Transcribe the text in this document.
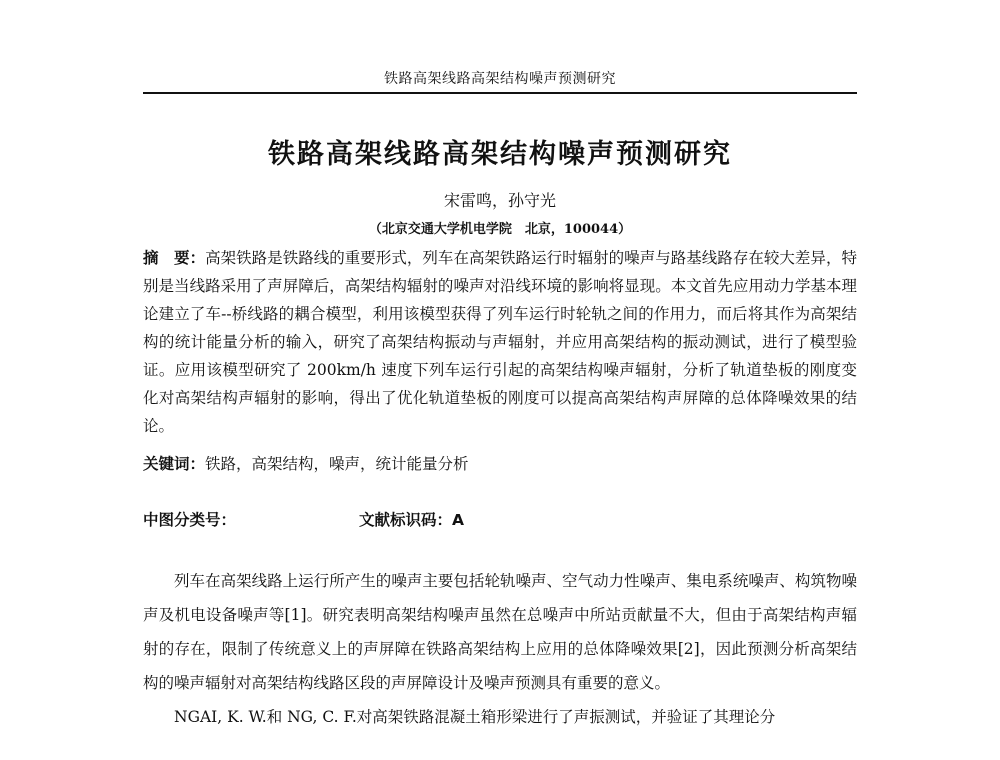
铁路高架线路高架结构噪声预测研究
铁路高架线路高架结构噪声预测研究
宋雷鸣，孙守光
（北京交通大学机电学院　北京，100044）
摘　要：高架铁路是铁路线的重要形式，列车在高架铁路运行时辐射的噪声与路基线路存在较大差异，特别是当线路采用了声屏障后，高架结构辐射的噪声对沿线环境的影响将显现。本文首先应用动力学基本理论建立了车--桥线路的耦合模型，利用该模型获得了列车运行时轮轨之间的作用力，而后将其作为高架结构的统计能量分析的输入，研究了高架结构振动与声辐射，并应用高架结构的振动测试，进行了模型验证。应用该模型研究了 200km/h 速度下列车运行引起的高架结构噪声辐射，分析了轨道垫板的刚度变化对高架结构声辐射的影响，得出了优化轨道垫板的刚度可以提高高架结构声屏障的总体降噪效果的结论。
关键词：铁路，高架结构，噪声，统计能量分析
中图分类号：	文献标识码：A

列车在高架线路上运行所产生的噪声主要包括轮轨噪声、空气动力性噪声、集电系统噪声、构筑物噪声及机电设备噪声等[1]。研究表明高架结构噪声虽然在总噪声中所站贡献量不大，但由于高架结构声辐射的存在，限制了传统意义上的声屏障在铁路高架结构上应用的总体降噪效果[2]，因此预测分析高架结构的噪声辐射对高架结构线路区段的声屏障设计及噪声预测具有重要的意义。

NGAI, K. W.和 NG, C. F.对高架铁路混凝土箱形梁进行了声振测试，并验证了其理论分
